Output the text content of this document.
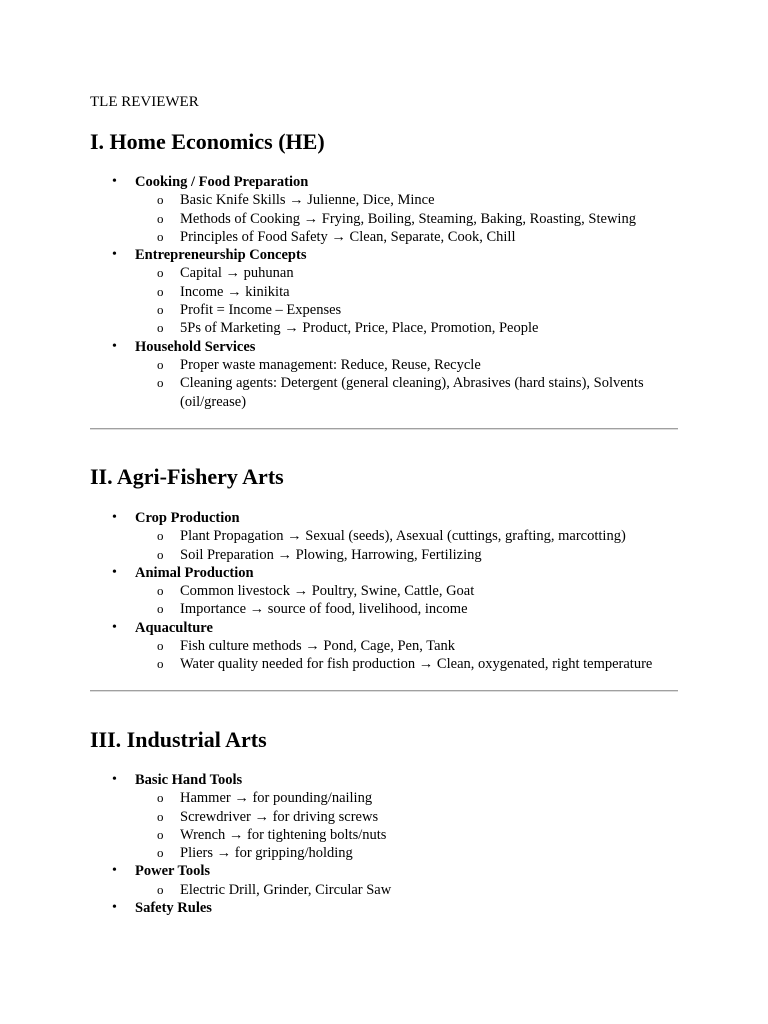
TLE REVIEWER
I. Home Economics (HE)
• Cooking / Food Preparation
o Basic Knife Skills → Julienne, Dice, Mince
o Methods of Cooking → Frying, Boiling, Steaming, Baking, Roasting, Stewing
o Principles of Food Safety → Clean, Separate, Cook, Chill
• Entrepreneurship Concepts
o Capital → puhunan
o Income → kinikita
o Profit = Income – Expenses
o 5Ps of Marketing → Product, Price, Place, Promotion, People
• Household Services
o Proper waste management: Reduce, Reuse, Recycle
o Cleaning agents: Detergent (general cleaning), Abrasives (hard stains), Solvents (oil/grease)
II. Agri-Fishery Arts
• Crop Production
o Plant Propagation → Sexual (seeds), Asexual (cuttings, grafting, marcotting)
o Soil Preparation → Plowing, Harrowing, Fertilizing
• Animal Production
o Common livestock → Poultry, Swine, Cattle, Goat
o Importance → source of food, livelihood, income
• Aquaculture
o Fish culture methods → Pond, Cage, Pen, Tank
o Water quality needed for fish production → Clean, oxygenated, right temperature
III. Industrial Arts
• Basic Hand Tools
o Hammer → for pounding/nailing
o Screwdriver → for driving screws
o Wrench → for tightening bolts/nuts
o Pliers → for gripping/holding
• Power Tools
o Electric Drill, Grinder, Circular Saw
• Safety Rules
